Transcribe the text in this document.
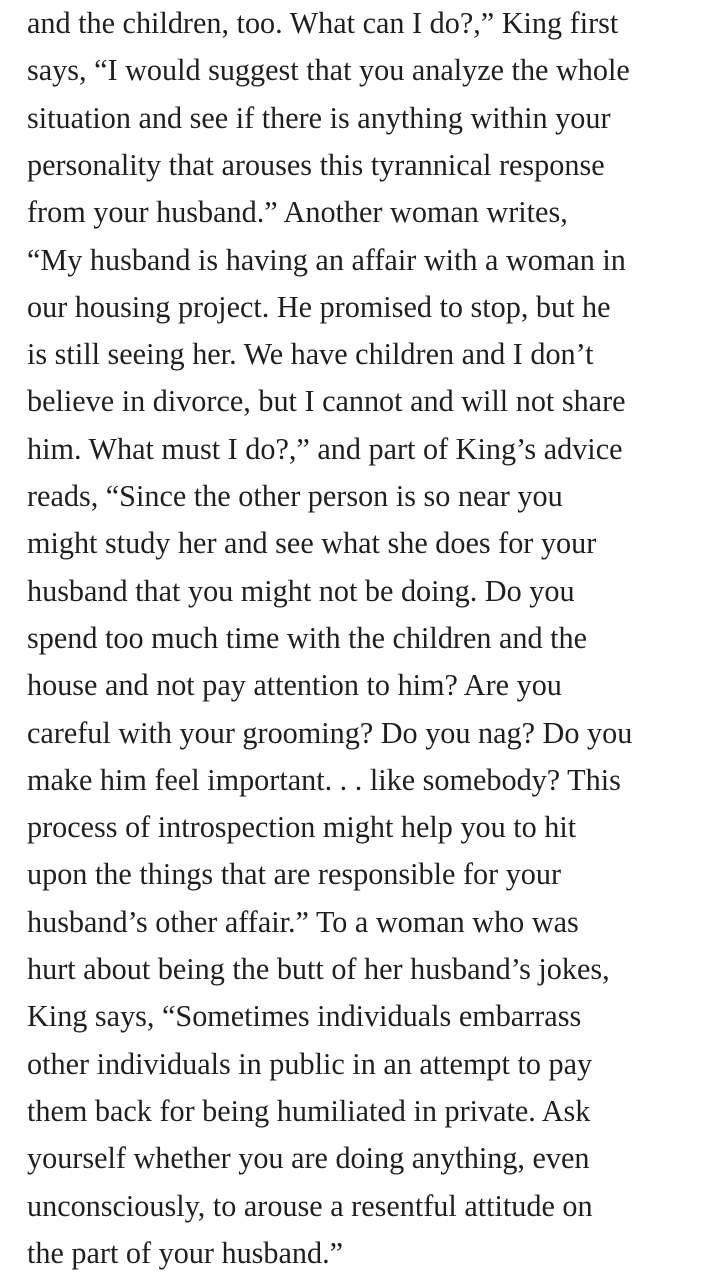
and the children, too. What can I do?,” King first
says, “I would suggest that you analyze the whole
situation and see if there is anything within your
personality that arouses this tyrannical response
from your husband.” Another woman writes,
“My husband is having an affair with a woman in
our housing project. He promised to stop, but he
is still seeing her. We have children and I don’t
believe in divorce, but I cannot and will not share
him. What must I do?,” and part of King’s advice
reads, “Since the other person is so near you
might study her and see what she does for your
husband that you might not be doing. Do you
spend too much time with the children and the
house and not pay attention to him? Are you
careful with your grooming? Do you nag? Do you
make him feel important. . . like somebody? This
process of introspection might help you to hit
upon the things that are responsible for your
husband’s other affair.” To a woman who was
hurt about being the butt of her husband’s jokes,
King says, “Sometimes individuals embarrass
other individuals in public in an attempt to pay
them back for being humiliated in private. Ask
yourself whether you are doing anything, even
unconsciously, to arouse a resentful attitude on
the part of your husband.”
